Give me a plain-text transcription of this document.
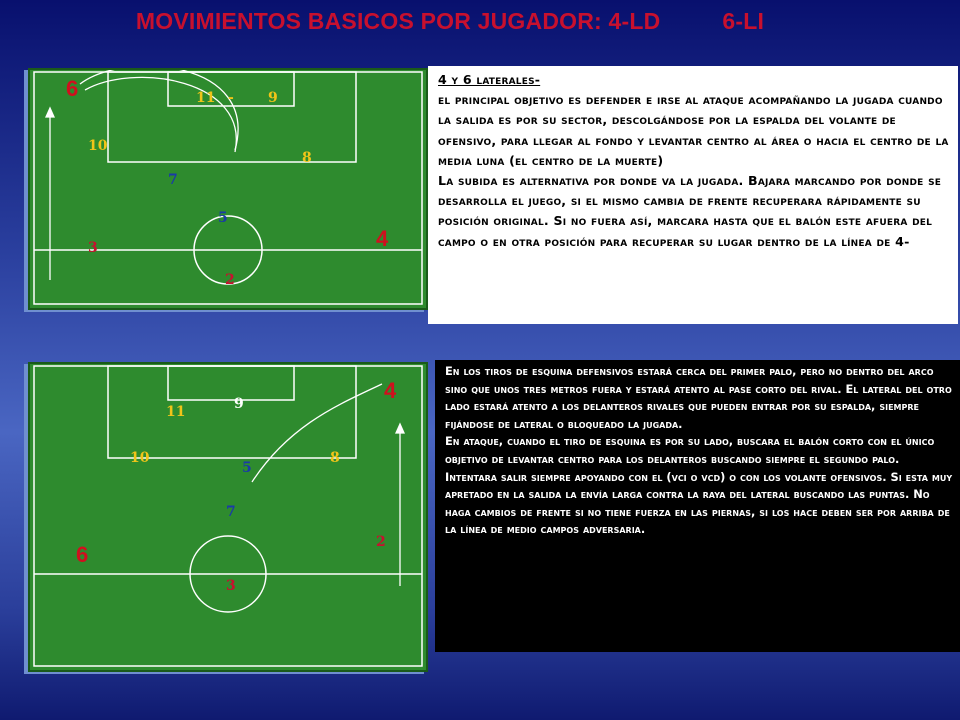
MOVIMIENTOS BASICOS POR JUGADOR: 4-LD	6-LI
6	11 - 9
10
8
7
5
3	4
2

4 y 6 laterales-

el principal objetivo es defender e irse al ataque acompañando la jugada cuando la salida es por su sector, descolgándose por la espalda del volante de ofensivo, para llegar al fondo y levantar centro al área o hacia el centro de la media luna (el centro de la muerte)

La subida es alternativa por donde va la jugada. Bajara marcando por donde se desarrolla el juego, si el mismo cambia de frente recuperara rápidamente su posición original. Si no fuera así, marcara hasta que el balón este afuera del campo o en otra posición para recuperar su lugar dentro de la línea de 4-

4
9
11
10	8
5
7
2
6
3

En los tiros de esquina defensivos estará cerca del primer palo, pero no dentro del arco sino que unos tres metros fuera y estará atento al pase corto del rival. El lateral del otro lado estará atento a los delanteros rivales que pueden entrar por su espalda, siempre fijándose de lateral o bloqueado la jugada.

En ataque, cuando el tiro de esquina es por su lado, buscara el balón corto con el único objetivo de levantar centro para los delanteros buscando siempre el segundo palo.

Intentara salir siempre apoyando con el (vci o vcd) o con los volante ofensivos. Si esta muy apretado en la salida la envía larga contra la raya del lateral buscando las puntas. No haga cambios de frente si no tiene fuerza en las piernas, si los hace deben ser por arriba de la línea de medio campos adversaria.
